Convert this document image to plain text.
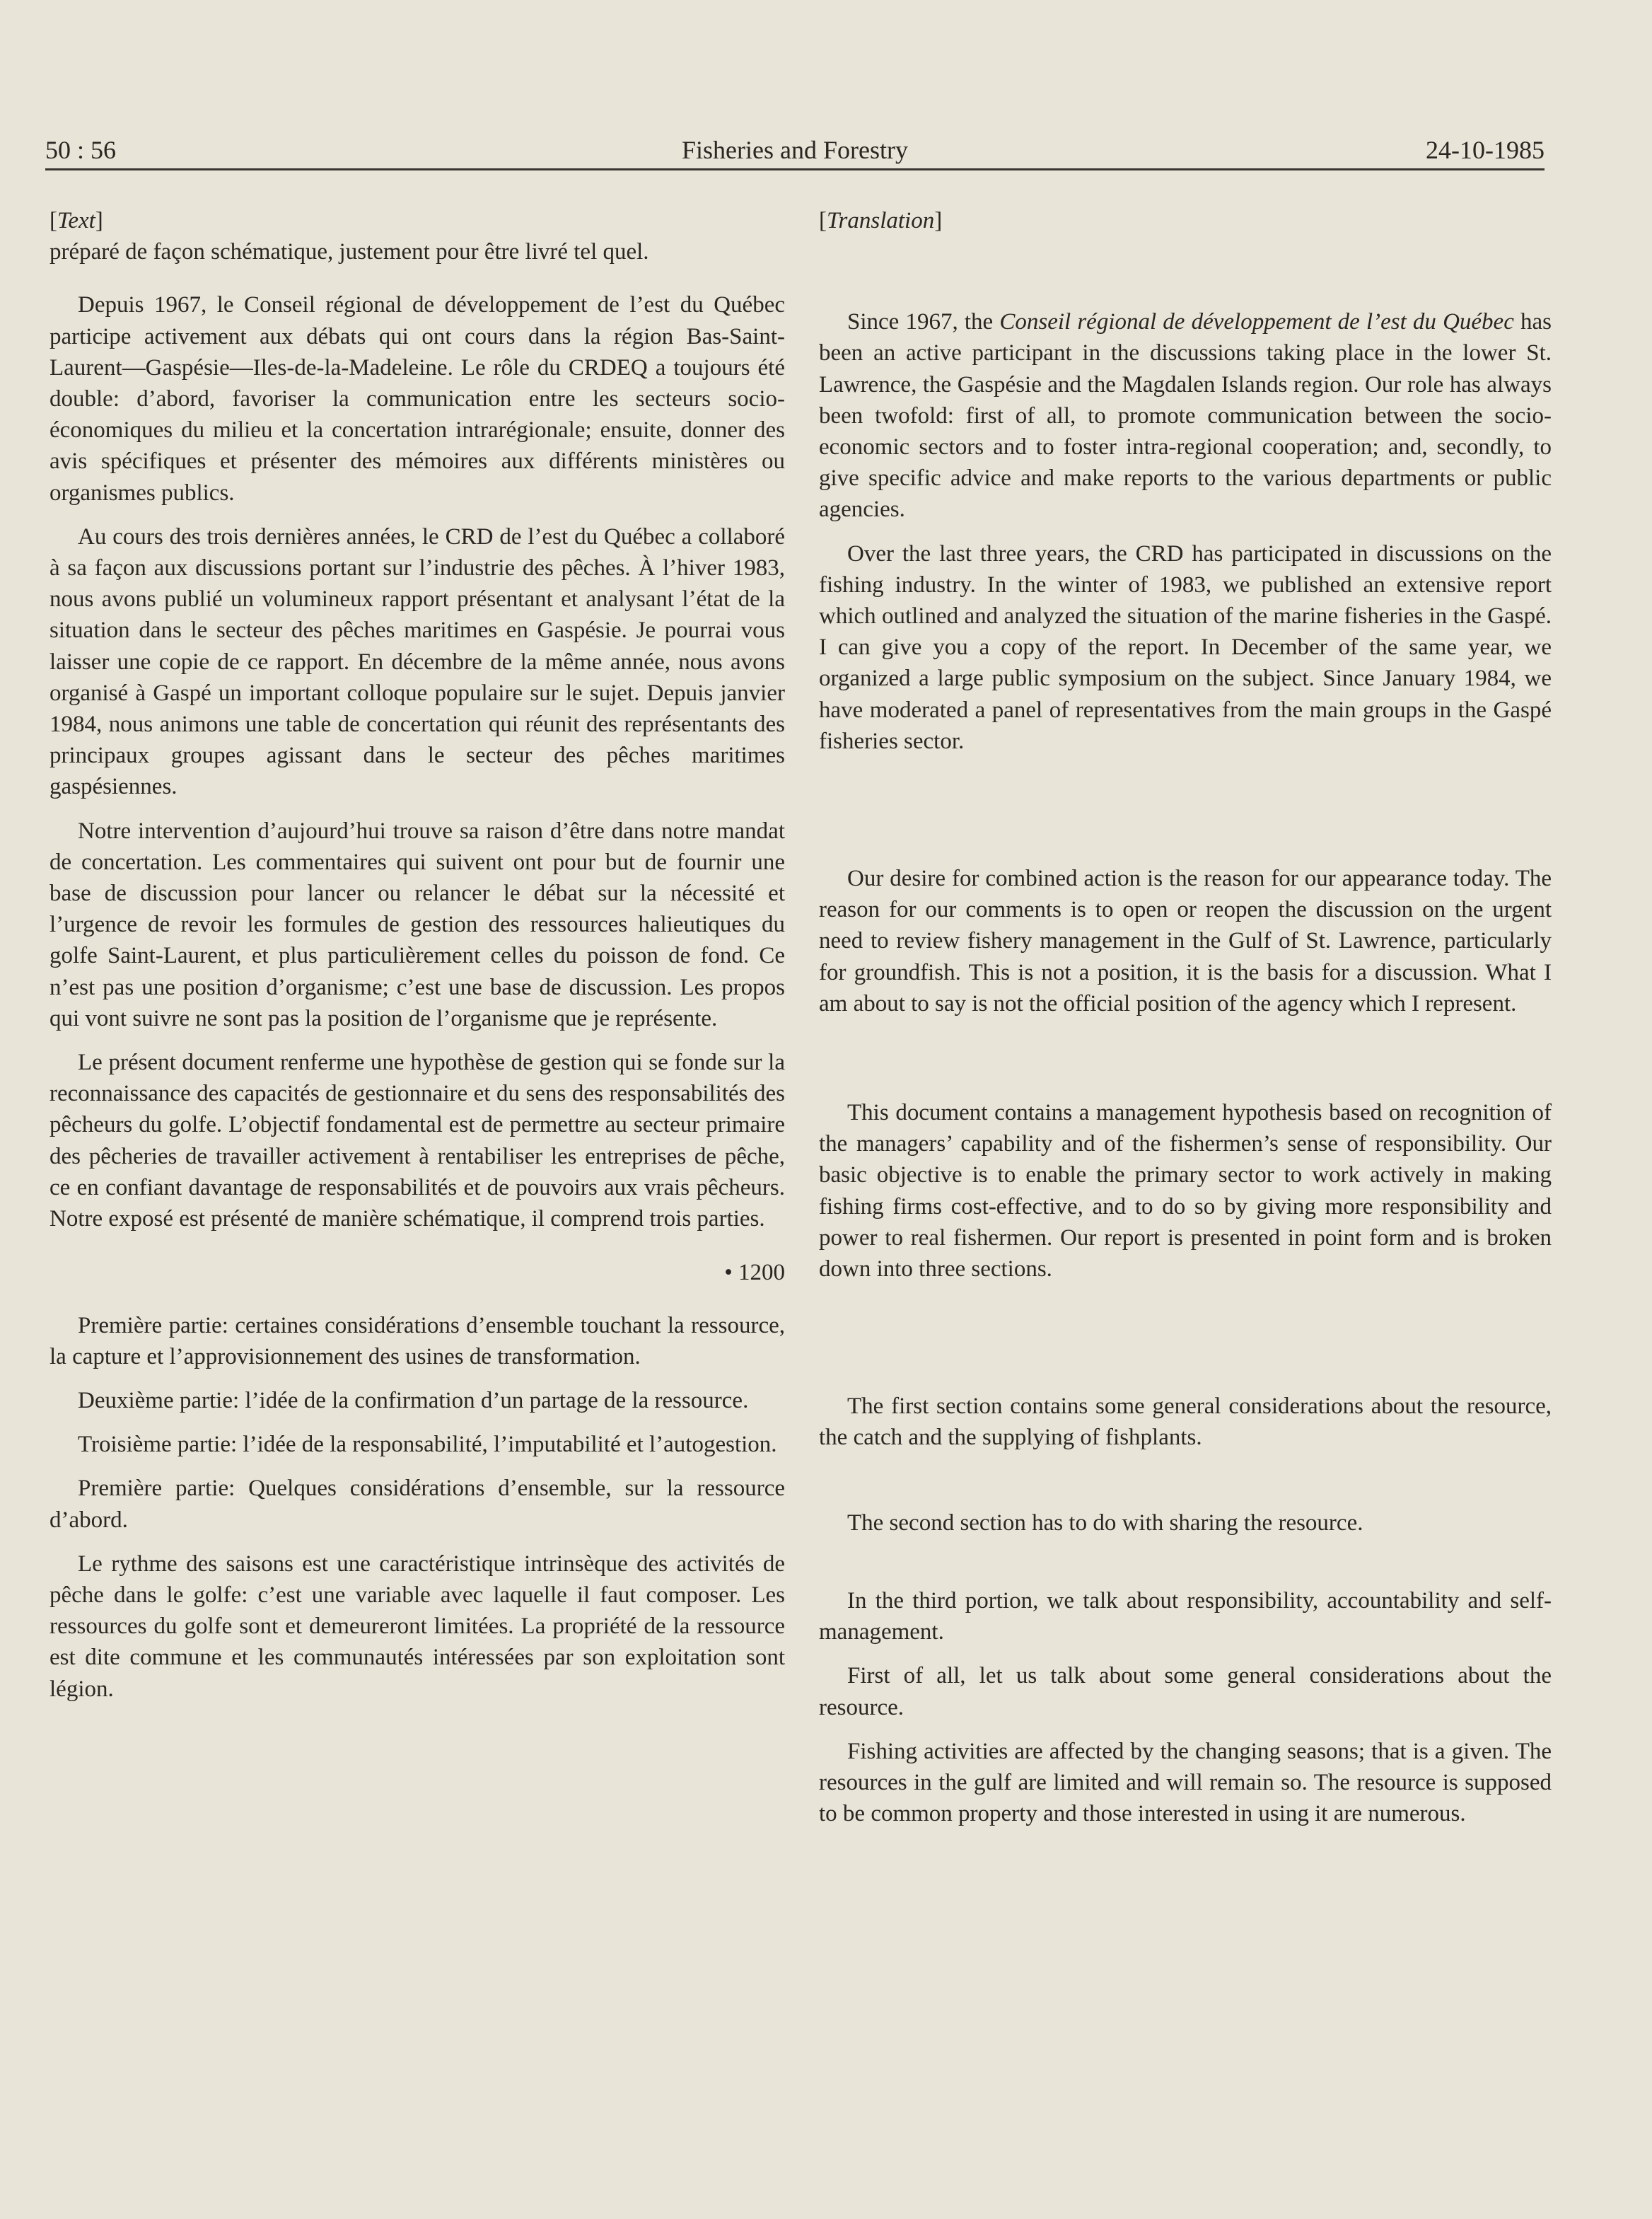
50 : 56	Fisheries and Forestry	24-10-1985

[Text]

préparé de façon schématique, justement pour être livré tel quel.

Depuis 1967, le Conseil régional de développement de l’est du Québec participe activement aux débats qui ont cours dans la région Bas-Saint-Laurent—Gaspésie—Iles-de-la-Madeleine. Le rôle du CRDEQ a toujours été double: d’abord, favoriser la communication entre les secteurs socio-économiques du milieu et la concertation intrarégionale; ensuite, donner des avis spécifiques et présenter des mémoires aux différents ministères ou organismes publics.

Au cours des trois dernières années, le CRD de l’est du Québec a collaboré à sa façon aux discussions portant sur l’industrie des pêches. À l’hiver 1983, nous avons publié un volumineux rapport présentant et analysant l’état de la situation dans le secteur des pêches maritimes en Gaspésie. Je pourrai vous laisser une copie de ce rapport. En décembre de la même année, nous avons organisé à Gaspé un important colloque populaire sur le sujet. Depuis janvier 1984, nous animons une table de concertation qui réunit des représentants des principaux groupes agissant dans le secteur des pêches maritimes gaspésiennes.

Notre intervention d’aujourd’hui trouve sa raison d’être dans notre mandat de concertation. Les commentaires qui suivent ont pour but de fournir une base de discussion pour lancer ou relancer le débat sur la nécessité et l’urgence de revoir les formules de gestion des ressources halieutiques du golfe Saint-Laurent, et plus particulièrement celles du poisson de fond. Ce n’est pas une position d’organisme; c’est une base de discussion. Les propos qui vont suivre ne sont pas la position de l’organisme que je représente.

Le présent document renferme une hypothèse de gestion qui se fonde sur la reconnaissance des capacités de gestionnaire et du sens des responsabilités des pêcheurs du golfe. L’objectif fondamental est de permettre au secteur primaire des pêcheries de travailler activement à rentabiliser les entreprises de pêche, ce en confiant davantage de responsabilités et de pouvoirs aux vrais pêcheurs. Notre exposé est présenté de manière schématique, il comprend trois parties.

• 1200

Première partie: certaines considérations d’ensemble touchant la ressource, la capture et l’approvisionnement des usines de transformation.

Deuxième partie: l’idée de la confirmation d’un partage de la ressource.

Troisième partie: l’idée de la responsabilité, l’imputabilité et l’autogestion.

Première partie: Quelques considérations d’ensemble, sur la ressource d’abord.

Le rythme des saisons est une caractéristique intrinsèque des activités de pêche dans le golfe: c’est une variable avec laquelle il faut composer. Les ressources du golfe sont et demeureront limitées. La propriété de la ressource est dite commune et les communautés intéressées par son exploitation sont légion.

[Translation]

Since 1967, the Conseil régional de développement de l’est du Québec has been an active participant in the discussions taking place in the lower St. Lawrence, the Gaspésie and the Magdalen Islands region. Our role has always been twofold: first of all, to promote communication between the socio-economic sectors and to foster intra-regional cooperation; and, secondly, to give specific advice and make reports to the various departments or public agencies.

Over the last three years, the CRD has participated in discussions on the fishing industry. In the winter of 1983, we published an extensive report which outlined and analyzed the situation of the marine fisheries in the Gaspé. I can give you a copy of the report. In December of the same year, we organized a large public symposium on the subject. Since January 1984, we have moderated a panel of representatives from the main groups in the Gaspé fisheries sector.

Our desire for combined action is the reason for our appearance today. The reason for our comments is to open or reopen the discussion on the urgent need to review fishery management in the Gulf of St. Lawrence, particularly for groundfish. This is not a position, it is the basis for a discussion. What I am about to say is not the official position of the agency which I represent.

This document contains a management hypothesis based on recognition of the managers’ capability and of the fishermen’s sense of responsibility. Our basic objective is to enable the primary sector to work actively in making fishing firms cost-effective, and to do so by giving more responsibility and power to real fishermen. Our report is presented in point form and is broken down into three sections.

The first section contains some general considerations about the resource, the catch and the supplying of fishplants.

The second section has to do with sharing the resource.

In the third portion, we talk about responsibility, accountability and self-management.

First of all, let us talk about some general considerations about the resource.

Fishing activities are affected by the changing seasons; that is a given. The resources in the gulf are limited and will remain so. The resource is supposed to be common property and those interested in using it are numerous.
